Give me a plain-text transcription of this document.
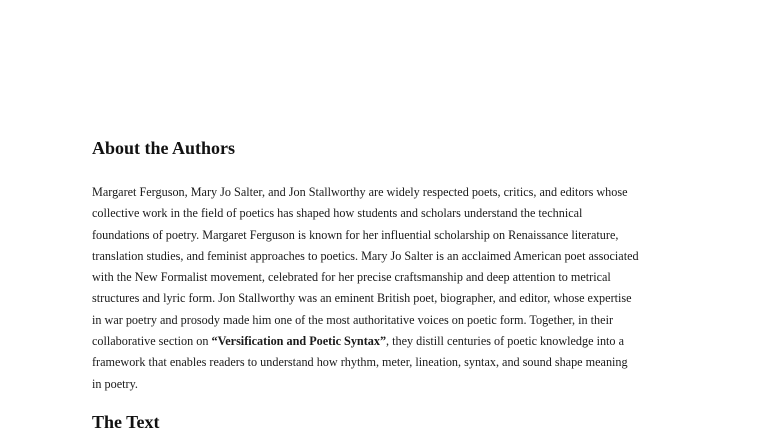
About the Authors

Margaret Ferguson, Mary Jo Salter, and Jon Stallworthy are widely respected poets, critics, and editors whose
collective work in the field of poetics has shaped how students and scholars understand the technical
foundations of poetry. Margaret Ferguson is known for her influential scholarship on Renaissance literature,
translation studies, and feminist approaches to poetics. Mary Jo Salter is an acclaimed American poet associated
with the New Formalist movement, celebrated for her precise craftsmanship and deep attention to metrical
structures and lyric form. Jon Stallworthy was an eminent British poet, biographer, and editor, whose expertise
in war poetry and prosody made him one of the most authoritative voices on poetic form. Together, in their
collaborative section on “Versification and Poetic Syntax”, they distill centuries of poetic knowledge into a
framework that enables readers to understand how rhythm, meter, lineation, syntax, and sound shape meaning
in poetry.

The Text
